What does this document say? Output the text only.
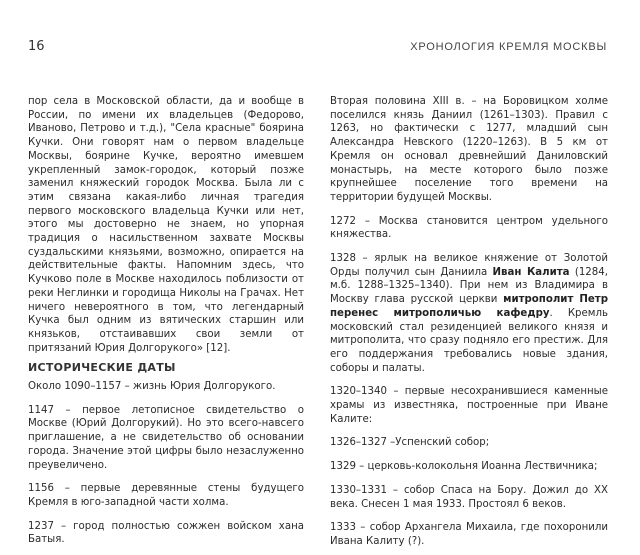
16	ХРОНОЛОГИЯ КРЕМЛЯ МОСКВЫ

пор села в Московской области, да и вообще в России, по имени их владельцев (Федорово, Иваново, Петрово и т.д.), "Села красные" боярина Кучки. Они говорят нам о первом владельце Москвы, боярине Кучке, вероятно имевшем укрепленный замок-городок, который позже заменил княжеский городок Москва. Была ли с этим связана какая-либо личная трагедия первого московского владельца Кучки или нет, этого мы достоверно не знаем, но упорная традиция о насильственном захвате Москвы суздальскими князьями, возможно, опирается на действительные факты. Напомним здесь, что Кучково поле в Москве находилось поблизости от реки Неглинки и городища Николы на Грачах. Нет ничего невероятного в том, что легендарный Кучка был одним из вятических старшин или князьков, отстаивавших свои земли от притязаний Юрия Долгорукого» [12].

ИСТОРИЧЕСКИЕ ДАТЫ

Около 1090–1157 – жизнь Юрия Долгорукого.

1147 – первое летописное свидетельство о Москве (Юрий Долгорукий). Но это всего-навсего приглашение, а не свидетельство об основании города. Значение этой цифры было незаслуженно преувеличено.

1156 – первые деревянные стены будущего Кремля в юго-западной части холма.

1237 – город полностью сожжен войском хана Батыя.

Вторая половина XIII в. – на Боровицком холме поселился князь Даниил (1261–1303). Правил с 1263, но фактически с 1277, младший сын Александра Невского (1220–1263). В 5 км от Кремля он основал древнейший Даниловский монастырь, на месте которого было позже крупнейшее поселение того времени на территории будущей Москвы.

1272 – Москва становится центром удельного княжества.

1328 – ярлык на великое княжение от Золотой Орды получил сын Даниила Иван Калита (1284, м.б. 1288–1325–1340). При нем из Владимира в Москву глава русской церкви митрополит Петр перенес митрополичью кафедру. Кремль московский стал резиденцией великого князя и митрополита, что сразу подняло его престиж. Для его поддержания требовались новые здания, соборы и палаты.

1320–1340 – первые несохранившиеся каменные храмы из известняка, построенные при Иване Калите:

1326–1327 –Успенский собор;

1329 – церковь-колокольня Иоанна Лествичника;

1330–1331 – собор Спаса на Бору. Дожил до XX века. Снесен 1 мая 1933. Простоял 6 веков.

1333 – собор Архангела Михаила, где похоронили Ивана Калиту (?).
